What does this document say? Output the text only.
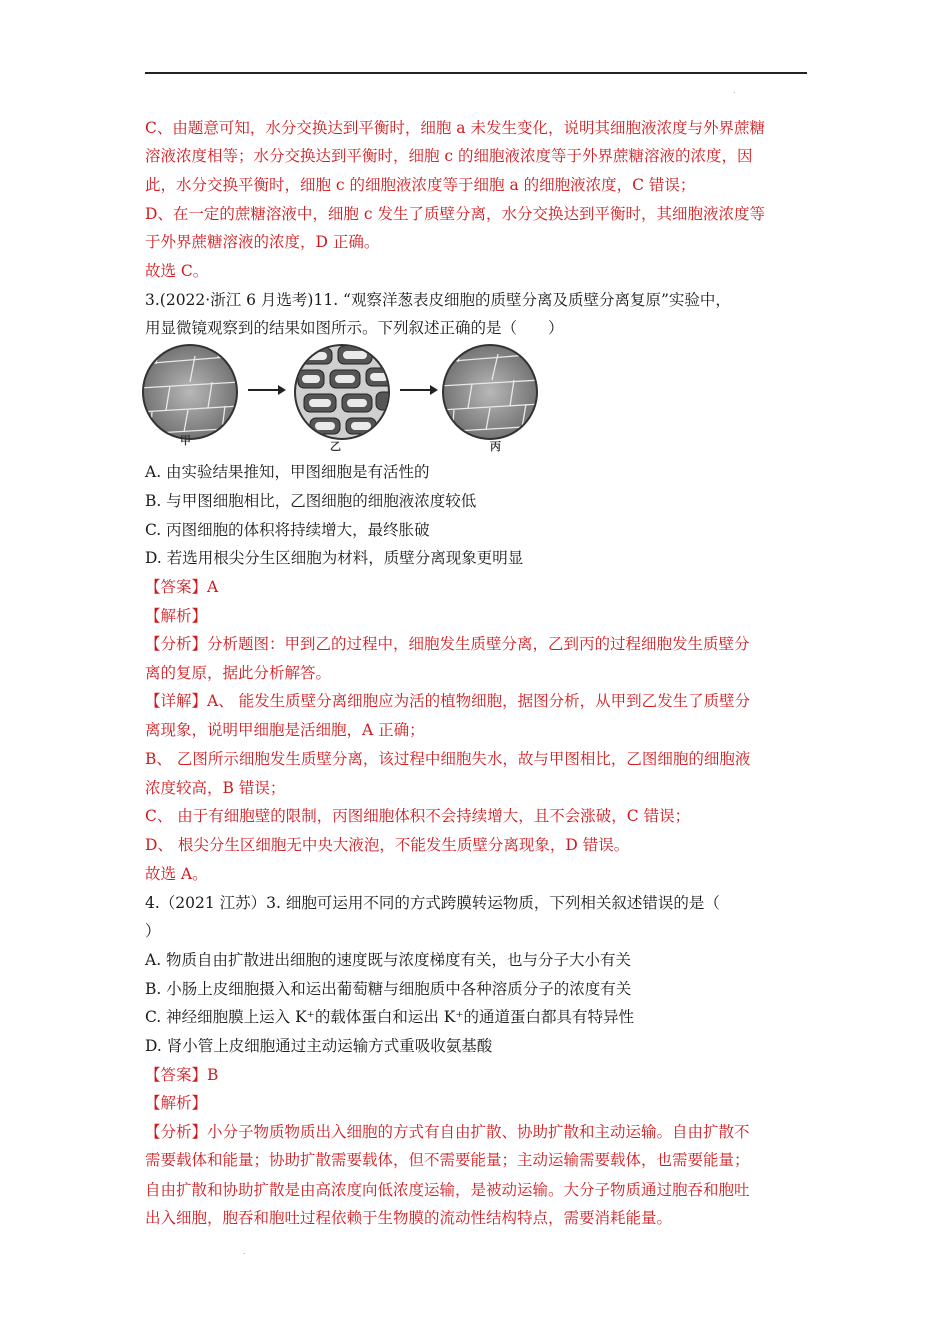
.
C、由题意可知，水分交换达到平衡时，细胞 a 未发生变化，说明其细胞液浓度与外界蔗糖
溶液浓度相等；水分交换达到平衡时，细胞 c 的细胞液浓度等于外界蔗糖溶液的浓度，因
此，水分交换平衡时，细胞 c 的细胞液浓度等于细胞 a 的细胞液浓度，C 错误；
D、在一定的蔗糖溶液中，细胞 c 发生了质壁分离，水分交换达到平衡时，其细胞液浓度等
于外界蔗糖溶液的浓度，D 正确。
故选 C。
3.(2022·浙江 6 月选考)11. “观察洋葱表皮细胞的质壁分离及质壁分离复原”实验中，
用显微镜观察到的结果如图所示。下列叙述正确的是（　　）
A. 由实验结果推知，甲图细胞是有活性的
B. 与甲图细胞相比，乙图细胞的细胞液浓度较低
C. 丙图细胞的体积将持续增大，最终胀破
D. 若选用根尖分生区细胞为材料，质壁分离现象更明显
【答案】A
【解析】
【分析】分析题图：甲到乙的过程中，细胞发生质壁分离，乙到丙的过程细胞发生质壁分
离的复原，据此分析解答。
【详解】A、 能发生质壁分离细胞应为活的植物细胞，据图分析，从甲到乙发生了质壁分
离现象，说明甲细胞是活细胞，A 正确；
B、 乙图所示细胞发生质壁分离，该过程中细胞失水，故与甲图相比，乙图细胞的细胞液
浓度较高，B 错误；
C、 由于有细胞壁的限制，丙图细胞体积不会持续增大，且不会涨破，C 错误；
D、 根尖分生区细胞无中央大液泡，不能发生质壁分离现象，D 错误。
故选 A。
4.（2021 江苏）3. 细胞可运用不同的方式跨膜转运物质，下列相关叙述错误的是（
）
A. 物质自由扩散进出细胞的速度既与浓度梯度有关，也与分子大小有关
B. 小肠上皮细胞摄入和运出葡萄糖与细胞质中各种溶质分子的浓度有关
C. 神经细胞膜上运入 K⁺的载体蛋白和运出 K⁺的通道蛋白都具有特异性
D. 肾小管上皮细胞通过主动运输方式重吸收氨基酸
【答案】B
【解析】
【分析】小分子物质物质出入细胞的方式有自由扩散、协助扩散和主动运输。自由扩散不
需要载体和能量；协助扩散需要载体，但不需要能量；主动运输需要载体，也需要能量；
自由扩散和协助扩散是由高浓度向低浓度运输，是被动运输。大分子物质通过胞吞和胞吐
出入细胞，胞吞和胞吐过程依赖于生物膜的流动性结构特点，需要消耗能量。
甲	乙	丙
.
